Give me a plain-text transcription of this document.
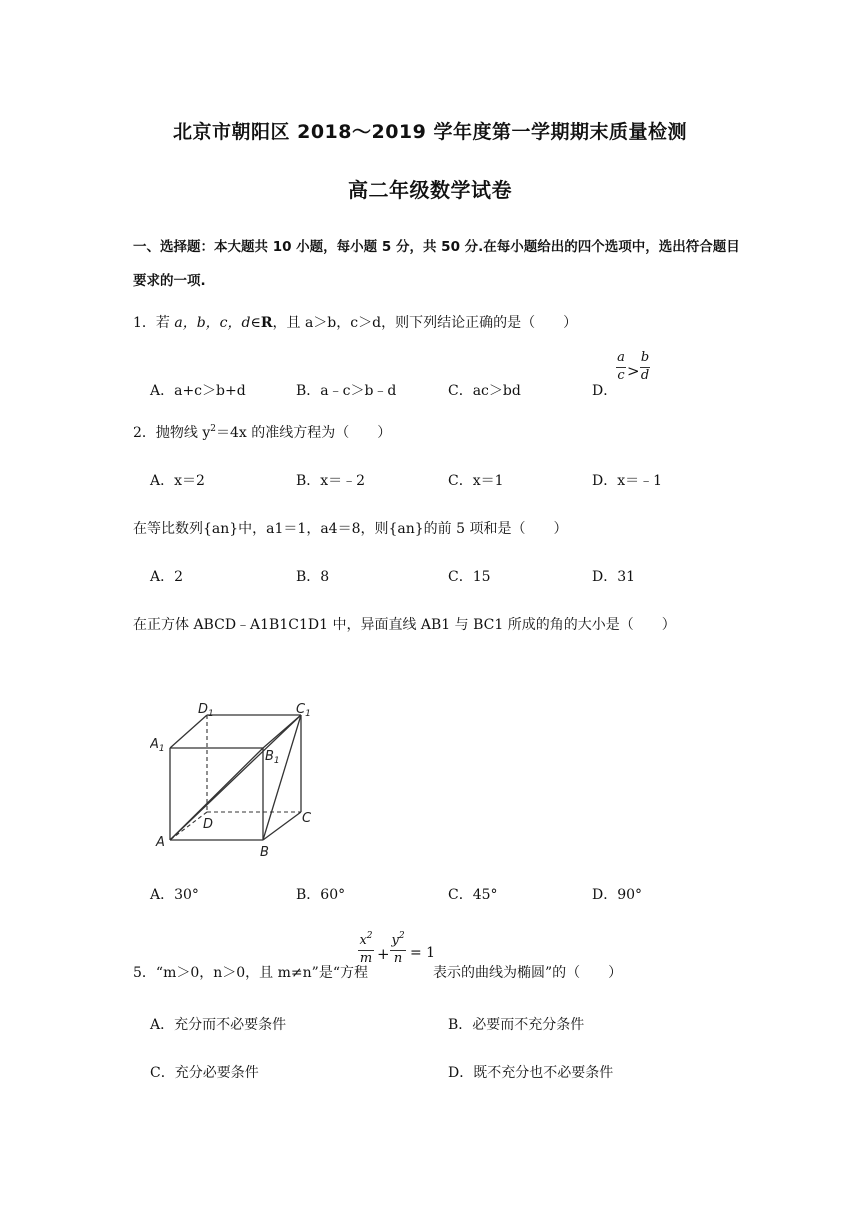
北京市朝阳区 2018～2019 学年度第一学期期末质量检测
高二年级数学试卷
一、选择题：本大题共 10 小题，每小题 5 分，共 50 分.在每小题给出的四个选项中，选出符合题目要求的一项.
1．若 a，b，c，d∈R，且 a＞b，c＞d，则下列结论正确的是（　　）
A．a+c＞b+d	B．a﹣c＞b﹣d	C．ac＞bd	D．
a
c >
b
d
2．抛物线 $y^2=4x$ 的准线方程为（　　）
A．x＝2	B．x＝﹣2	C．x＝1	D．x＝﹣1
在等比数列{an}中，a1＝1，a4＝8，则{an}的前 5 项和是（　　）
A．2	B．8	C．15	D．31
在正方体 ABCD﹣A1B1C1D1 中，异面直线 AB1 与 BC1 所成的角的大小是（　　）
$D_1$	$C_1$
$A_1$	$B_1$
D	C
A
B
A．30°	B．60°	C．45°	D．90°
5．“m＞0，n＞0，且 m≠n”是“方程
$x^2$
m +
$y^2$
n = 1
表示的曲线为椭圆”的（　　）
A．充分而不必要条件	B．必要而不充分条件
C．充分必要条件	D．既不充分也不必要条件
